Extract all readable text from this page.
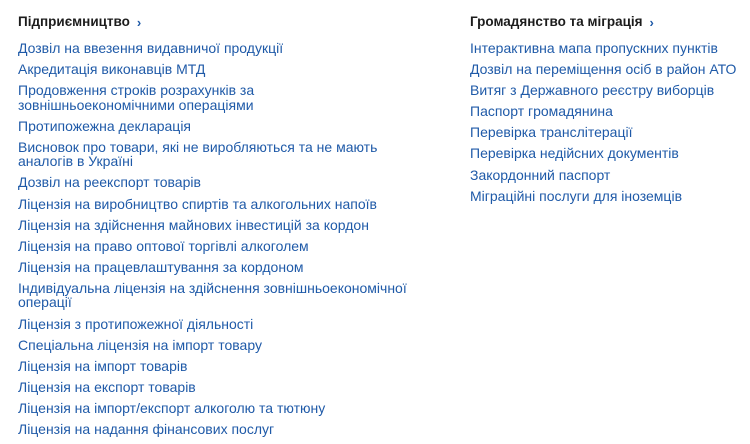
Підприємництво ›
Дозвіл на ввезення видавничої продукції
Акредитація виконавців МТД
Продовження строків розрахунків за зовнішньоекономічними операціями
Протипожежна декларація
Висновок про товари, які не виробляються та не мають аналогів в Україні
Дозвіл на реекспорт товарів
Ліцензія на виробництво спиртів та алкогольних напоїв
Ліцензія на здійснення майнових інвестицій за кордон
Ліцензія на право оптової торгівлі алкоголем
Ліцензія на працевлаштування за кордоном
Індивідуальна ліцензія на здійснення зовнішньоекономічної операції
Ліцензія з протипожежної діяльності
Спеціальна ліцензія на імпорт товару
Ліцензія на імпорт товарів
Ліцензія на експорт товарів
Ліцензія на імпорт/експорт алкоголю та тютюну
Ліцензія на надання фінансових послуг
Громадянство та міграція ›
Інтерактивна мапа пропускних пунктів
Дозвіл на переміщення осіб в район АТО
Витяг з Державного реєстру виборців
Паспорт громадянина
Перевірка транслітерації
Перевірка недійсних документів
Закордонний паспорт
Міграційні послуги для іноземців
